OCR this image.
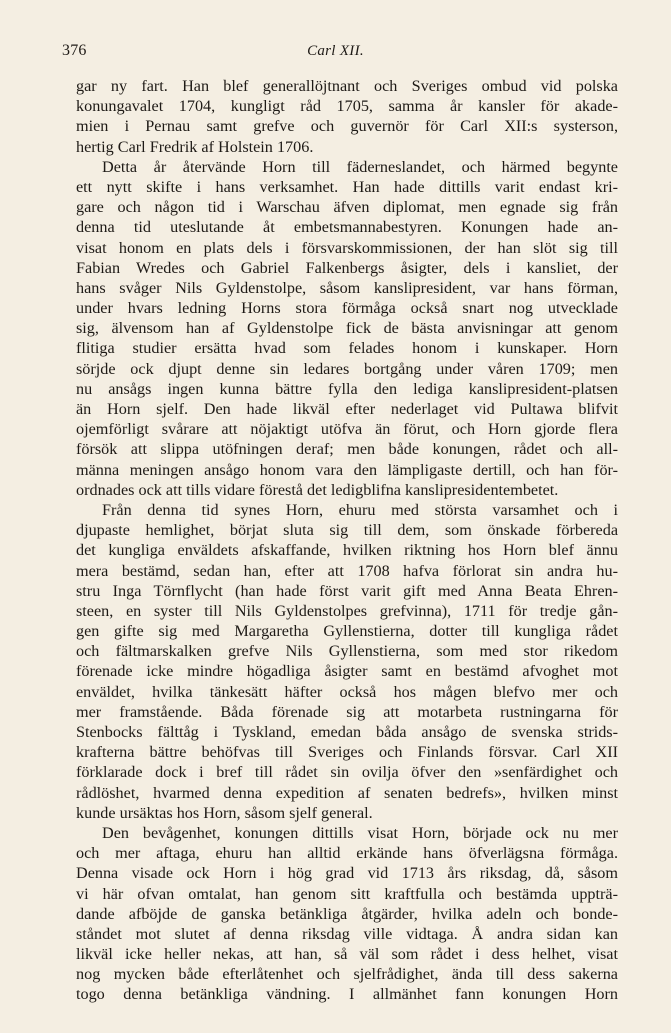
376	Carl XII.
gar ny fart. Han blef generallöjtnant och Sveriges ombud vid polska
konungavalet 1704, kungligt råd 1705, samma år kansler för akade-
mien i Pernau samt grefve och guvernör för Carl XII:s systerson,
hertig Carl Fredrik af Holstein 1706.
Detta år återvände Horn till fäderneslandet, och härmed begynte
ett nytt skifte i hans verksamhet. Han hade dittills varit endast kri-
gare och någon tid i Warschau äfven diplomat, men egnade sig från
denna tid uteslutande åt embetsmannabestyren. Konungen hade an-
visat honom en plats dels i försvarskommissionen, der han slöt sig till
Fabian Wredes och Gabriel Falkenbergs åsigter, dels i kansliet, der
hans svåger Nils Gyldenstolpe, såsom kanslipresident, var hans förman,
under hvars ledning Horns stora förmåga också snart nog utvecklade
sig, älvensom han af Gyldenstolpe fick de bästa anvisningar att genom
flitiga studier ersätta hvad som felades honom i kunskaper. Horn
sörjde ock djupt denne sin ledares bortgång under våren 1709; men
nu ansågs ingen kunna bättre fylla den lediga kanslipresident-platsen
än Horn sjelf. Den hade likväl efter nederlaget vid Pultawa blifvit
ojemförligt svårare att nöjaktigt utöfva än förut, och Horn gjorde flera
försök att slippa utöfningen deraf; men både konungen, rådet och all-
männa meningen ansågo honom vara den lämpligaste dertill, och han för-
ordnades ock att tills vidare förestå det ledigblifna kanslipresidentembetet.
Från denna tid synes Horn, ehuru med största varsamhet och i
djupaste hemlighet, börjat sluta sig till dem, som önskade förbereda
det kungliga enväldets afskaffande, hvilken riktning hos Horn blef ännu
mera bestämd, sedan han, efter att 1708 hafva förlorat sin andra hu-
stru Inga Törnflycht (han hade först varit gift med Anna Beata Ehren-
steen, en syster till Nils Gyldenstolpes grefvinna), 1711 för tredje gån-
gen gifte sig med Margaretha Gyllenstierna, dotter till kungliga rådet
och fältmarskalken grefve Nils Gyllenstierna, som med stor rikedom
förenade icke mindre högadliga åsigter samt en bestämd afvoghet mot
enväldet, hvilka tänkesätt häfter också hos mågen blefvo mer och
mer framstående. Båda förenade sig att motarbeta rustningarna för
Stenbocks fälttåg i Tyskland, emedan båda ansågo de svenska strids-
krafterna bättre behöfvas till Sveriges och Finlands försvar. Carl XII
förklarade dock i bref till rådet sin ovilja öfver den »senfärdighet och
rådlöshet, hvarmed denna expedition af senaten bedrefs», hvilken minst
kunde ursäktas hos Horn, såsom sjelf general.
Den bevågenhet, konungen dittills visat Horn, började ock nu mer
och mer aftaga, ehuru han alltid erkände hans öfverlägsna förmåga.
Denna visade ock Horn i hög grad vid 1713 års riksdag, då, såsom
vi här ofvan omtalat, han genom sitt kraftfulla och bestämda uppträ-
dande afböjde de ganska betänkliga åtgärder, hvilka adeln och bonde-
ståndet mot slutet af denna riksdag ville vidtaga. Å andra sidan kan
likväl icke heller nekas, att han, så väl som rådet i dess helhet, visat
nog mycken både efterlåtenhet och sjelfrådighet, ända till dess sakerna
togo denna betänkliga vändning. I allmänhet fann konungen Horn
